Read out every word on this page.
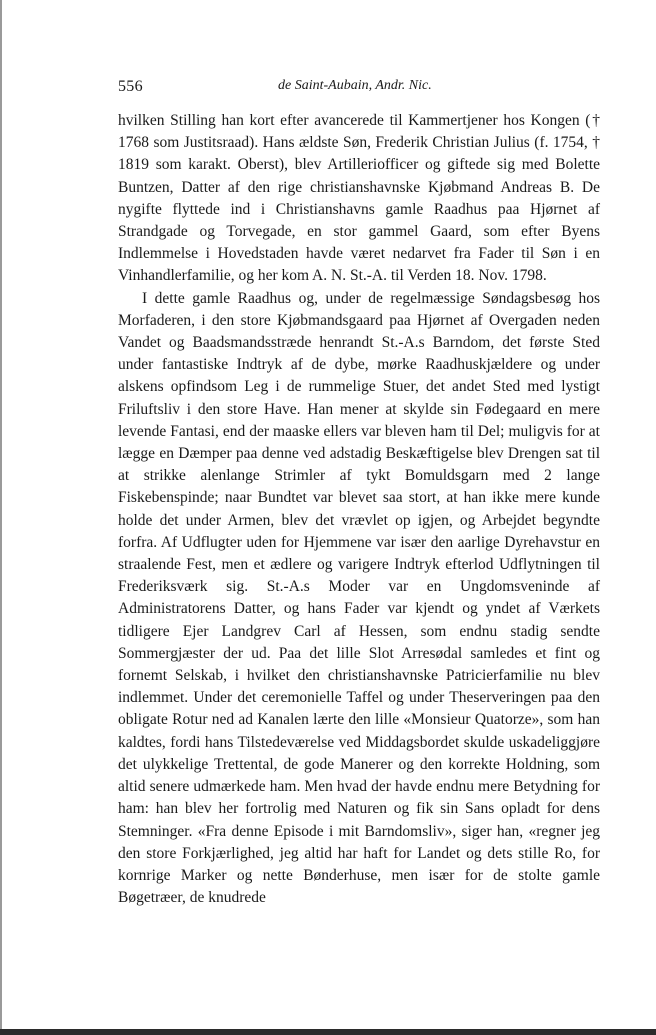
556	de Saint-Aubain, Andr. Nic.

hvilken Stilling han kort efter avancerede til Kammertjener hos Kongen († 1768 som Justitsraad). Hans ældste Søn, Frederik Christian Julius (f. 1754, † 1819 som karakt. Oberst), blev Artilleriofficer og giftede sig med Bolette Buntzen, Datter af den rige christianshavnske Kjøbmand Andreas B. De nygifte flyttede ind i Christianshavns gamle Raadhus paa Hjørnet af Strandgade og Torvegade, en stor gammel Gaard, som efter Byens Indlemmelse i Hovedstaden havde været nedarvet fra Fader til Søn i en Vinhandlerfamilie, og her kom A. N. St.-A. til Verden 18. Nov. 1798.

I dette gamle Raadhus og, under de regelmæssige Søndagsbesøg hos Morfaderen, i den store Kjøbmandsgaard paa Hjørnet af Overgaden neden Vandet og Baadsmandsstræde henrandt St.-A.s Barndom, det første Sted under fantastiske Indtryk af de dybe, mørke Raadhuskjældere og under alskens opfindsom Leg i de rummelige Stuer, det andet Sted med lystigt Friluftsliv i den store Have. Han mener at skylde sin Fødegaard en mere levende Fantasi, end der maaske ellers var bleven ham til Del; muligvis for at lægge en Dæmper paa denne ved adstadig Beskæftigelse blev Drengen sat til at strikke alenlange Strimler af tykt Bomuldsgarn med 2 lange Fiskebenspinde; naar Bundtet var blevet saa stort, at han ikke mere kunde holde det under Armen, blev det vrævlet op igjen, og Arbejdet begyndte forfra. Af Udflugter uden for Hjemmene var især den aarlige Dyrehavstur en straalende Fest, men et ædlere og varigere Indtryk efterlod Udflytningen til Frederiksværk sig. St.-A.s Moder var en Ungdomsveninde af Administratorens Datter, og hans Fader var kjendt og yndet af Værkets tidligere Ejer Landgrev Carl af Hessen, som endnu stadig sendte Sommergjæster der ud. Paa det lille Slot Arresødal samledes et fint og fornemt Selskab, i hvilket den christianshavnske Patricierfamilie nu blev indlemmet. Under det ceremonielle Taffel og under Theserveringen paa den obligate Rotur ned ad Kanalen lærte den lille «Monsieur Quatorze», som han kaldtes, fordi hans Tilstedeværelse ved Middagsbordet skulde uskadeliggjøre det ulykkelige Trettental, de gode Manerer og den korrekte Holdning, som altid senere udmærkede ham. Men hvad der havde endnu mere Betydning for ham: han blev her fortrolig med Naturen og fik sin Sans opladt for dens Stemninger. «Fra denne Episode i mit Barndomsliv», siger han, «regner jeg den store Forkjærlighed, jeg altid har haft for Landet og dets stille Ro, for kornrige Marker og nette Bønderhuse, men især for de stolte gamle Bøgetræer, de knudrede
